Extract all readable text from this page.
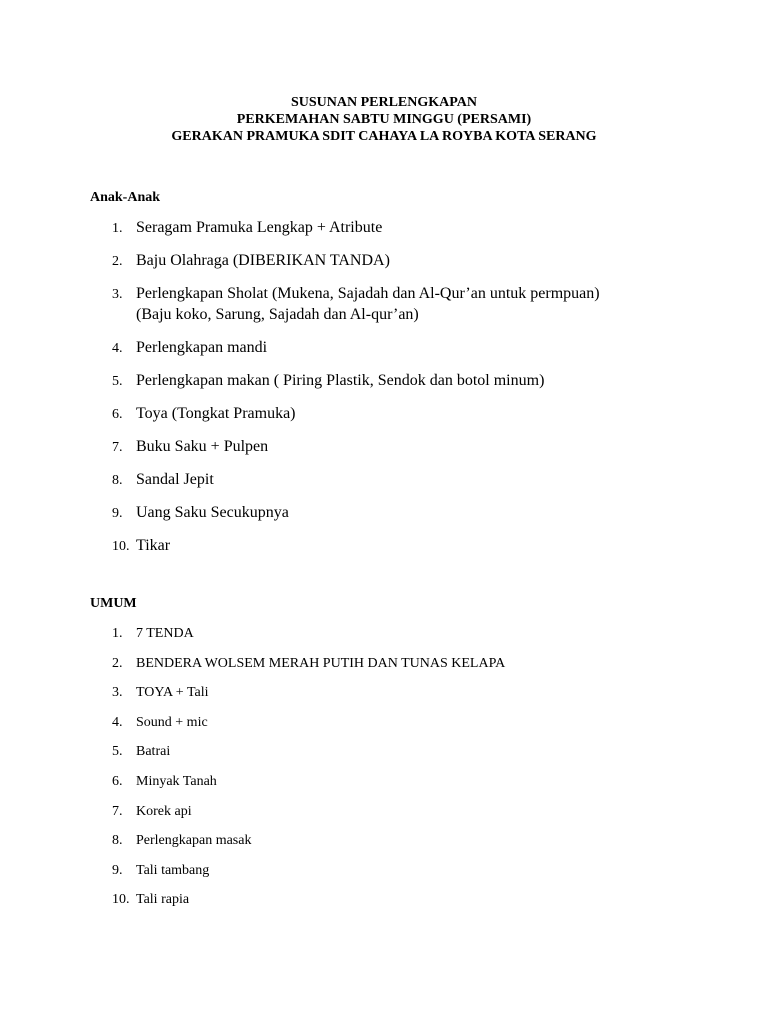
SUSUNAN PERLENGKAPAN
PERKEMAHAN SABTU MINGGU (PERSAMI)
GERAKAN PRAMUKA SDIT CAHAYA LA ROYBA KOTA SERANG
Anak-Anak
1. Seragam Pramuka Lengkap + Atribute
2. Baju Olahraga (DIBERIKAN TANDA)
3. Perlengkapan Sholat (Mukena, Sajadah dan Al-Qur’an untuk permpuan)
(Baju koko, Sarung, Sajadah dan Al-qur’an)
4. Perlengkapan mandi
5. Perlengkapan makan ( Piring Plastik, Sendok dan botol minum)
6. Toya (Tongkat Pramuka)
7. Buku Saku + Pulpen
8. Sandal Jepit
9. Uang Saku Secukupnya
10. Tikar
UMUM
1. 7 TENDA
2. BENDERA WOLSEM MERAH PUTIH DAN TUNAS KELAPA
3. TOYA + Tali
4. Sound + mic
5. Batrai
6. Minyak Tanah
7. Korek api
8. Perlengkapan masak
9. Tali tambang
10. Tali rapia
